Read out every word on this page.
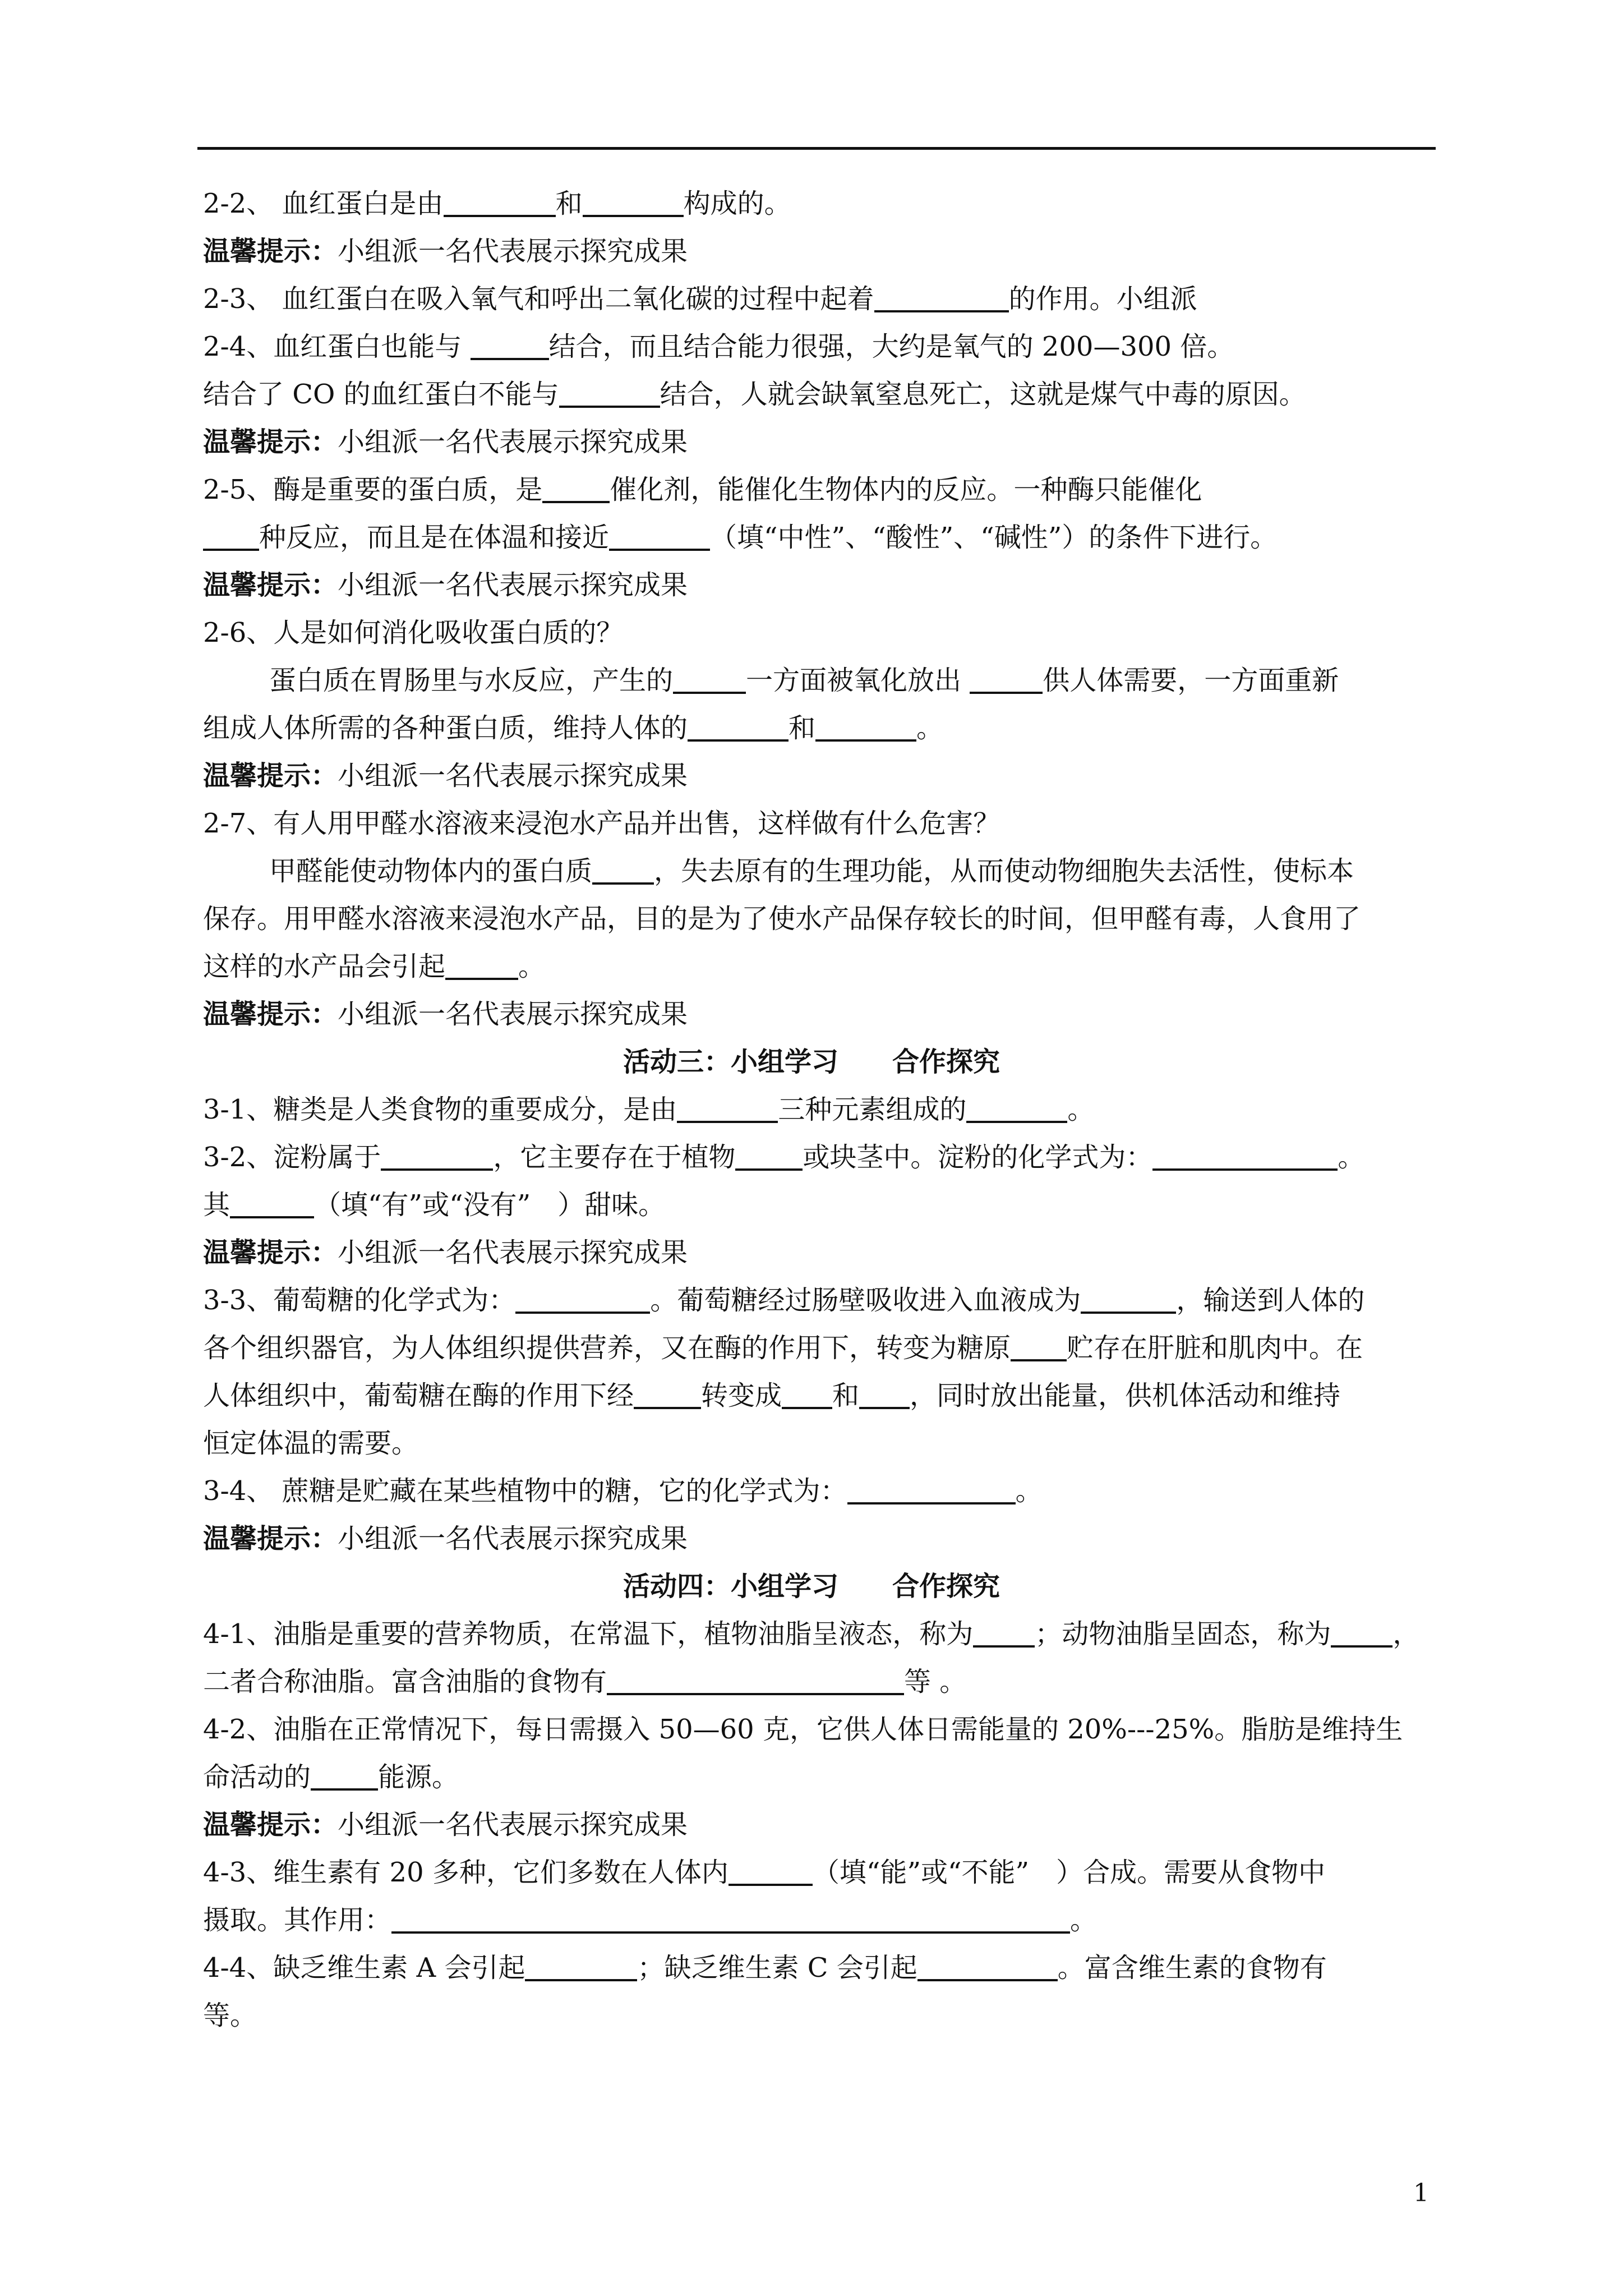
2-2、 血红蛋白是由	和	构成的。
温馨提示：小组派一名代表展示探究成果
2-3、 血红蛋白在吸入氧气和呼出二氧化碳的过程中起着	的作用。小组派
2-4、血红蛋白也能与	结合，而且结合能力很强，大约是氧气的 200—300 倍。
结合了 CO 的血红蛋白不能与	结合，人就会缺氧窒息死亡，这就是煤气中毒的原因。
温馨提示：小组派一名代表展示探究成果
2-5、酶是重要的蛋白质，是	催化剂，能催化生物体内的反应。一种酶只能催化
种反应，而且是在体温和接近	（填“中性”、“酸性”、“碱性”）的条件下进行。
温馨提示：小组派一名代表展示探究成果
2-6、人是如何消化吸收蛋白质的？
蛋白质在胃肠里与水反应，产生的	一方面被氧化放出	供人体需要，一方面重新
组成人体所需的各种蛋白质，维持人体的	和	。
温馨提示：小组派一名代表展示探究成果
2-7、有人用甲醛水溶液来浸泡水产品并出售，这样做有什么危害？
甲醛能使动物体内的蛋白质 ，失去原有的生理功能，从而使动物细胞失去活性，使标本
保存。用甲醛水溶液来浸泡水产品，目的是为了使水产品保存较长的时间，但甲醛有毒，人食用了
这样的水产品会引起	。
温馨提示：小组派一名代表展示探究成果
活动三：小组学习　　合作探究
3-1、糖类是人类食物的重要成分，是由	三种元素组成的	。
3-2、淀粉属于	，它主要存在于植物	或块茎中。淀粉的化学式为：	。
其	（填“有”或“没有”　）甜味。
温馨提示：小组派一名代表展示探究成果
3-3、葡萄糖的化学式为：	。葡萄糖经过肠壁吸收进入血液成为	，输送到人体的
各个组织器官，为人体组织提供营养，又在酶的作用下，转变为糖原 贮存在肝脏和肌肉中。在
人体组织中，葡萄糖在酶的作用下经	转变成 和 ，同时放出能量，供机体活动和维持
恒定体温的需要。
3-4、 蔗糖是贮藏在某些植物中的糖，它的化学式为：	。
温馨提示：小组派一名代表展示探究成果
活动四：小组学习　　合作探究
4-1、油脂是重要的营养物质，在常温下，植物油脂呈液态，称为 ；动物油脂呈固态，称为 ，
二者合称油脂。富含油脂的食物有	等 。
4-2、油脂在正常情况下，每日需摄入 50—60 克，它供人体日需能量的 20%---25%。脂肪是维持生
命活动的	能源。
温馨提示：小组派一名代表展示探究成果
4-3、维生素有 20 多种，它们多数在人体内	（填“能”或“不能”　）合成。需要从食物中
摄取。其作用：	。
4-4、缺乏维生素 A 会引起	；缺乏维生素 C 会引起	。富含维生素的食物有
等。
1
